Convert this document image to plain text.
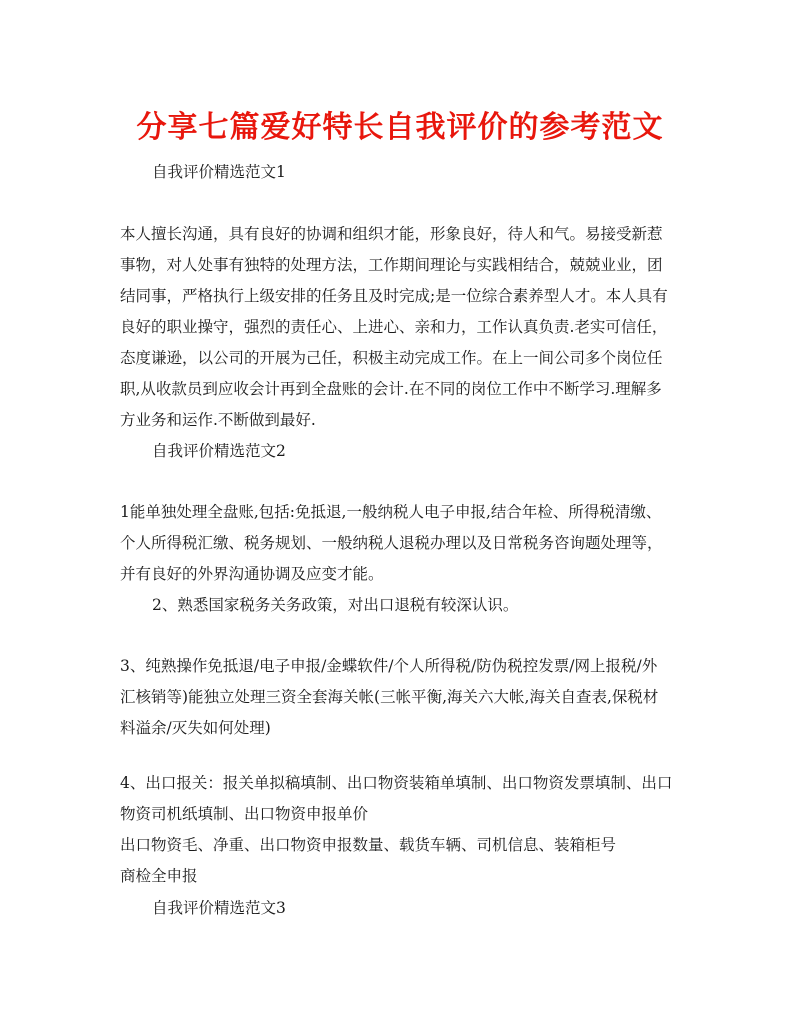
分享七篇爱好特长自我评价的参考范文
自我评价精选范文1
本人擅长沟通，具有良好的协调和组织才能，形象良好，待人和气。易接受新惹
事物，对人处事有独特的处理方法，工作期间理论与实践相结合，兢兢业业，团
结同事，严格执行上级安排的任务且及时完成;是一位综合素养型人才。本人具有
良好的职业操守，强烈的责任心、上进心、亲和力，工作认真负责.老实可信任，
态度谦逊，以公司的开展为己任，积极主动完成工作。在上一间公司多个岗位任
职,从收款员到应收会计再到全盘账的会计.在不同的岗位工作中不断学习.理解多
方业务和运作.不断做到最好.
自我评价精选范文2
1能单独处理全盘账,包括:免抵退,一般纳税人电子申报,结合年检、所得税清缴、
个人所得税汇缴、税务规划、一般纳税人退税办理以及日常税务咨询题处理等，
并有良好的外界沟通协调及应变才能。
2、熟悉国家税务关务政策，对出口退税有较深认识。
3、纯熟操作免抵退/电子申报/金蝶软件/个人所得税/防伪税控发票/网上报税/外
汇核销等)能独立处理三资全套海关帐(三帐平衡,海关六大帐,海关自查表,保税材
料溢余/灭失如何处理)
4、出口报关：报关单拟稿填制、出口物资装箱单填制、出口物资发票填制、出口
物资司机纸填制、出口物资申报单价
出口物资毛、净重、出口物资申报数量、载货车辆、司机信息、装箱柜号
商检全申报
自我评价精选范文3
